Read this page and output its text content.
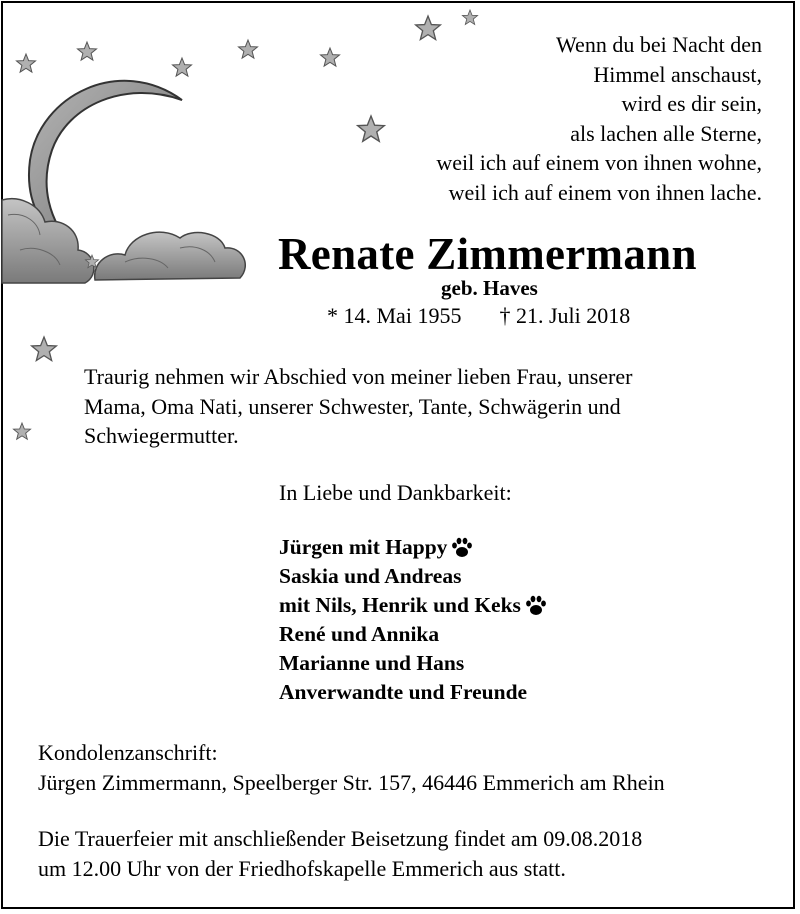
Wenn du bei Nacht den
Himmel anschaust,
wird es dir sein,
als lachen alle Sterne,
weil ich auf einem von ihnen wohne,
weil ich auf einem von ihnen lache.
Renate Zimmermann
geb. Haves
* 14. Mai 1955 † 21. Juli 2018
Traurig nehmen wir Abschied von meiner lieben Frau, unserer
Mama, Oma Nati, unserer Schwester, Tante, Schwägerin und
Schwiegermutter.
In Liebe und Dankbarkeit:
Jürgen mit Happy
Saskia und Andreas
mit Nils, Henrik und Keks
René und Annika
Marianne und Hans
Anverwandte und Freunde
Kondolenzanschrift:
Jürgen Zimmermann, Speelberger Str. 157, 46446 Emmerich am Rhein
Die Trauerfeier mit anschließender Beisetzung findet am 09.08.2018
um 12.00 Uhr von der Friedhofskapelle Emmerich aus statt.
